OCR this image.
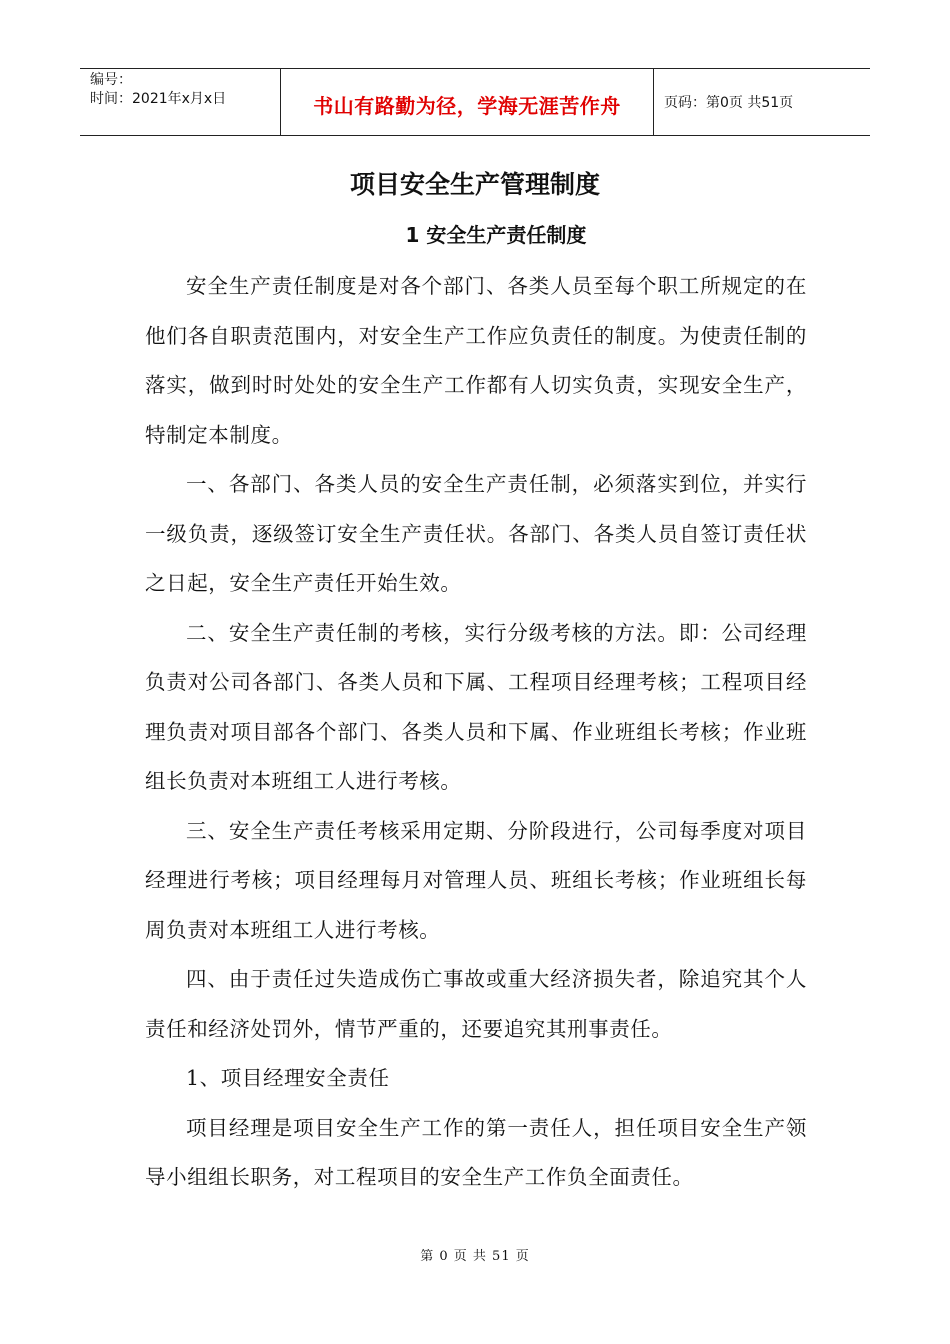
编号：
时间：2021年x月x日	书山有路勤为径，学海无涯苦作舟	页码：第0页 共51页
项目安全生产管理制度
1 安全生产责任制度

安全生产责任制度是对各个部门、各类人员至每个职工所规定的在他们各自职责范围内，对安全生产工作应负责任的制度。为使责任制的落实，做到时时处处的安全生产工作都有人切实负责，实现安全生产，特制定本制度。

一、各部门、各类人员的安全生产责任制，必须落实到位，并实行一级负责，逐级签订安全生产责任状。各部门、各类人员自签订责任状之日起，安全生产责任开始生效。

二、安全生产责任制的考核，实行分级考核的方法。即：公司经理负责对公司各部门、各类人员和下属、工程项目经理考核；工程项目经理负责对项目部各个部门、各类人员和下属、作业班组长考核；作业班组长负责对本班组工人进行考核。

三、安全生产责任考核采用定期、分阶段进行，公司每季度对项目经理进行考核；项目经理每月对管理人员、班组长考核；作业班组长每周负责对本班组工人进行考核。

四、由于责任过失造成伤亡事故或重大经济损失者，除追究其个人责任和经济处罚外，情节严重的，还要追究其刑事责任。

1、项目经理安全责任

项目经理是项目安全生产工作的第一责任人，担任项目安全生产领导小组组长职务，对工程项目的安全生产工作负全面责任。

第 0 页 共 51 页
